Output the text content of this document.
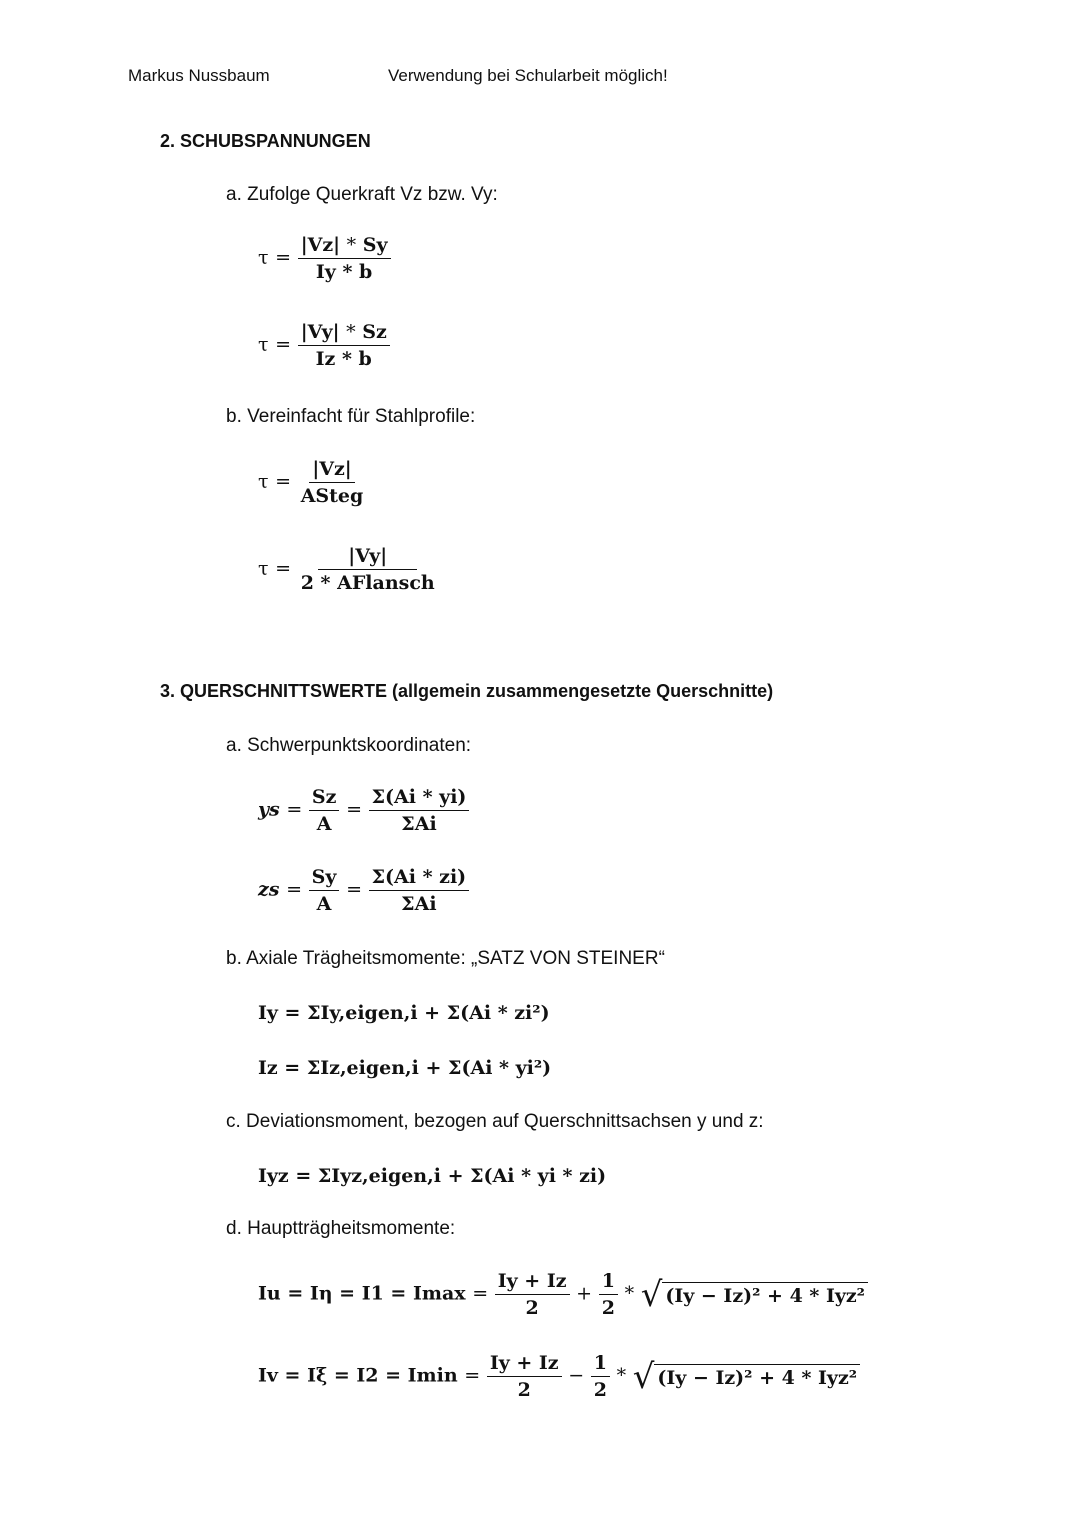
Markus Nussbaum	Verwendung bei Schularbeit möglich!
2. SCHUBSPANNUNGEN
a. Zufolge Querkraft Vz bzw. Vy:
$\tau = \frac{|Vz| * Sy}{Iy * b}$
$\tau = \frac{|Vy| * Sz}{Iz * b}$
b. Vereinfacht für Stahlprofile:
$\tau = \frac{|Vz|}{\text{ASteg}}$
$\tau = \frac{|Vy|}{\text{2 * AFlansch}}$
3. QUERSCHNITTSWERTE (allgemein zusammengesetzte Querschnitte)
a. Schwerpunktskoordinaten:
ys = $\frac{Sz}{A} = \frac{\Sigma(Ai * yi)}{\text{ΣAi}}$
zs = $\frac{Sy}{A} = \frac{\Sigma(Ai * zi)}{\text{ΣAi}}$
b. Axiale Trägheitsmomente: „SATZ VON STEINER“
Iy = ΣIy,eigen,i + Σ(Ai * zi²)
Iz = ΣIz,eigen,i + Σ(Ai * yi²)
c. Deviationsmoment, bezogen auf Querschnittsachsen y und z:
Iyz = ΣIyz,eigen,i + Σ(Ai * yi * zi)
d. Hauptträgheitsmomente:
$Iu = I\eta = I1 = Imax = \frac{Iy + Iz}{2} + \frac{1}{2}$ * √ (Iy − Iz)² + 4 * Iyz²
$Iv = I\xi = I2 = Imin = \frac{Iy + Iz}{2} - \frac{1}{2}$ * √ (Iy − Iz)² + 4 * Iyz²
